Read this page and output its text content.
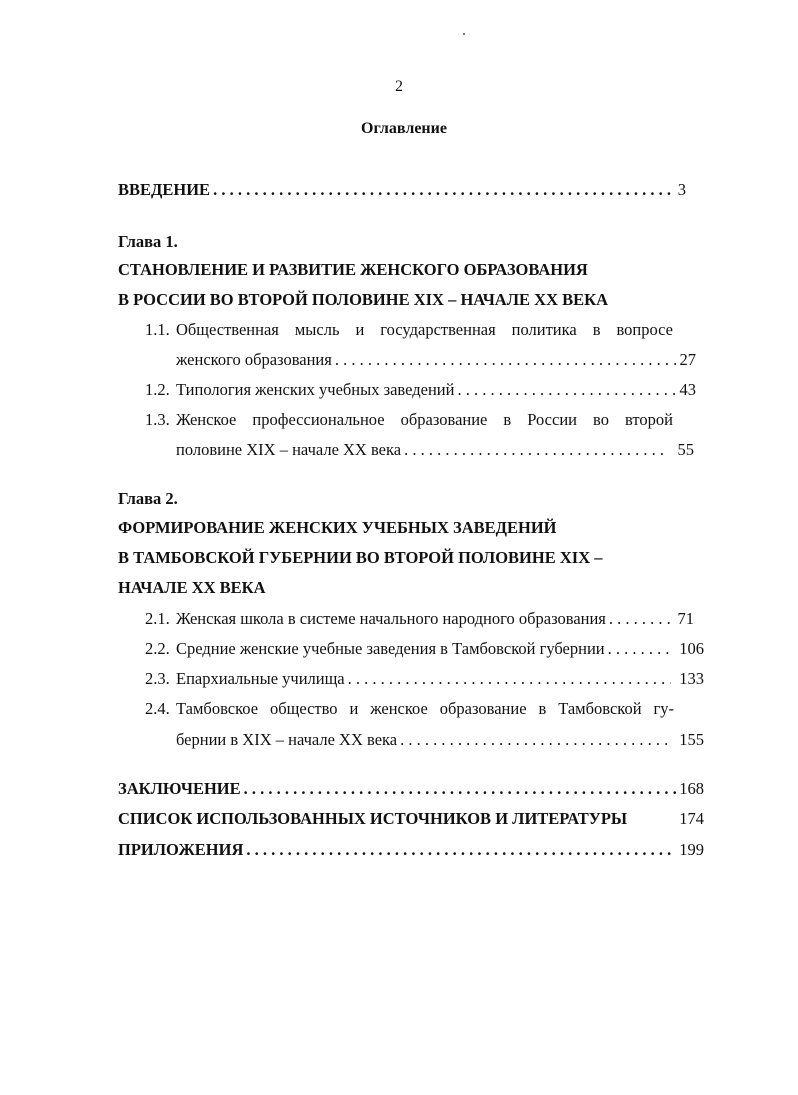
2
Оглавление
ВВЕДЕНИЕ . . .	3
Глава 1.
СТАНОВЛЕНИЕ И РАЗВИТИЕ ЖЕНСКОГО ОБРАЗОВАНИЯ
В РОССИИ ВО ВТОРОЙ ПОЛОВИНЕ XIX – НАЧАЛЕ XX ВЕКА
1.1. Общественная мысль и государственная политика в вопросе
женского образования . . .	27
1.2. Типология женских учебных заведений . . .	43
1.3. Женское профессиональное образование в России во второй
половине XIX – начале XX века . . .	55
Глава 2.
ФОРМИРОВАНИЕ ЖЕНСКИХ УЧЕБНЫХ ЗАВЕДЕНИЙ
В ТАМБОВСКОЙ ГУБЕРНИИ ВО ВТОРОЙ ПОЛОВИНЕ XIX –
НАЧАЛЕ XX ВЕКА
2.1. Женская школа в системе начального народного образования . . .	71
2.2. Средние женские учебные заведения в Тамбовской губернии . . .	106
2.3. Епархиальные училища . . .	133
2.4. Тамбовское общество и женское образование в Тамбовской гу-
бернии в XIX – начале XX века . . .	155
ЗАКЛЮЧЕНИЕ . . .	168
СПИСОК ИСПОЛЬЗОВАННЫХ ИСТОЧНИКОВ И ЛИТЕРАТУРЫ	174
ПРИЛОЖЕНИЯ . . .	199
